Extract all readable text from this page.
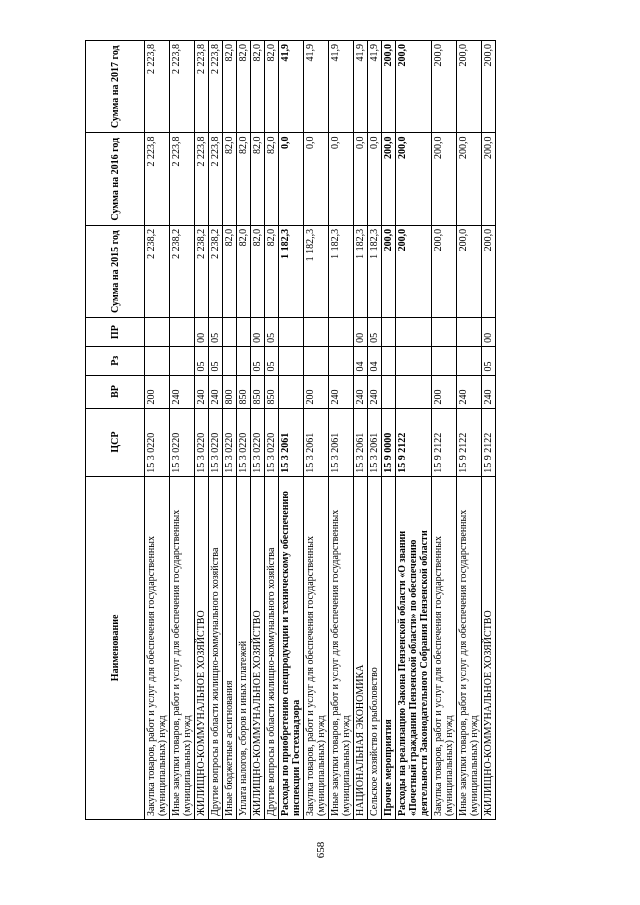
658
Наименование	ЦСР	ВР	Рз	ПР	Сумма на 2015 год	Сумма на 2016 год	Сумма на 2017 год
Закупка товаров, работ и услуг для обеспечения государственных (муниципальных) нужд	15 3 0220	200			2 238,2	2 223,8	2 223,8
Иные закупки товаров, работ и услуг для обеспечения государственных (муниципальных) нужд	15 3 0220	240			2 238,2	2 223,8	2 223,8
ЖИЛИЩНО-КОММУНАЛЬНОЕ ХОЗЯЙСТВО	15 3 0220	240	05	00	2 238,2	2 223,8	2 223,8
Другие вопросы в области жилищно-коммунального хозяйства	15 3 0220	240	05	05	2 238,2	2 223,8	2 223,8
Иные бюджетные ассигнования	15 3 0220	800			82,0	82,0	82,0
Уплата налогов, сборов и иных платежей	15 3 0220	850			82,0	82,0	82,0
ЖИЛИЩНО-КОММУНАЛЬНОЕ ХОЗЯЙСТВО	15 3 0220	850	05	00	82,0	82,0	82,0
Другие вопросы в области жилищно-коммунального хозяйства	15 3 0220	850	05	05	82,0	82,0	82,0
Расходы по приобретению спецпродукции и техническому обеспечению инспекции Гостехнадзора	15 3 2061				1 182,3	0,0	41,9
Закупка товаров, работ и услуг для обеспечения государственных (муниципальных) нужд	15 3 2061	200			1 182,,3	0,0	41,9
Иные закупки товаров, работ и услуг для обеспечения государственных (муниципальных) нужд	15 3 2061	240			1 182,3	0,0	41,9
НАЦИОНАЛЬНАЯ ЭКОНОМИКА	15 3 2061	240	04	00	1 182,3	0,0	41,9
Сельское хозяйство и рыболовство	15 3 2061	240	04	05	1 182,3	0,0	41,9
Прочие мероприятия	15 9 0000				200,0	200,0	200,0
Расходы на реализацию Закона Пензенской области «О звании «Почетный гражданин Пензенской области» по обеспечению деятельности Законодательного Собрания Пензенской области	15 9 2122				200,0	200,0	200,0
Закупка товаров, работ и услуг для обеспечения государственных (муниципальных) нужд	15 9 2122	200			200,0	200,0	200,0
Иные закупки товаров, работ и услуг для обеспечения государственных (муниципальных) нужд	15 9 2122	240			200,0	200,0	200,0
ЖИЛИЩНО-КОММУНАЛЬНОЕ ХОЗЯЙСТВО	15 9 2122	240	05	00	200,0	200,0	200,0
